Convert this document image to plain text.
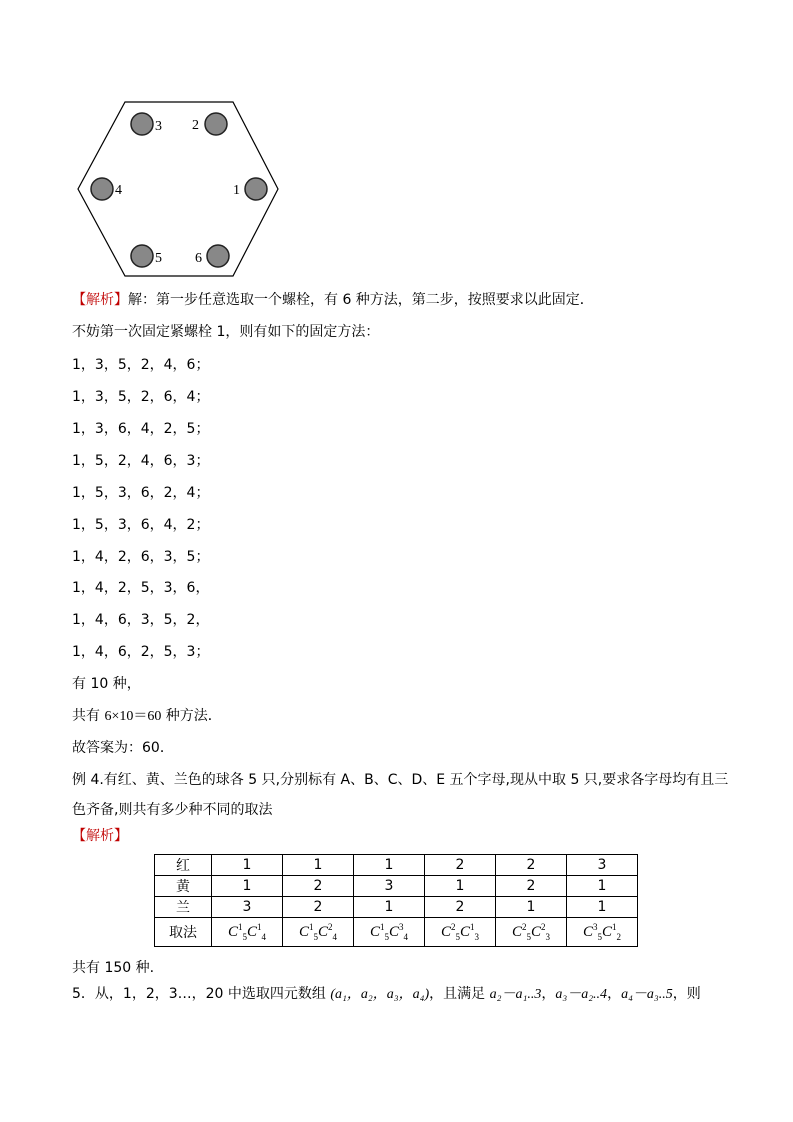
3 2
4	1
5 6
【解析】解：第一步任意选取一个螺栓，有 6 种方法，第二步，按照要求以此固定．
不妨第一次固定紧螺栓 1，则有如下的固定方法：
1，3，5，2，4，6；
1，3，5，2，6，4；
1，3，6，4，2，5；
1，5，2，4，6，3；
1，5，3，6，2，4；
1，5，3，6，4，2；
1，4，2，6，3，5；
1，4，2，5，3，6，
1，4，6，3，5，2，
1，4，6，2，5，3；
有 10 种，
共有 6×10＝60 种方法．
故答案为：60．
例 4.有红、黄、兰色的球各 5 只,分别标有 A、B、C、D、E 五个字母,现从中取 5 只,要求各字母均有且三
色齐备,则共有多少种不同的取法
【解析】
红	1	1	1	2	2	3
黄	1	2	3	1	2	1
兰	3	2	1	2	1	1
取法	$C^1_5C^1_4$	$C^1_5C^2_4$	$C^1_5C^3_4$	$C^2_5C^1_3$	$C^2_5C^2_3$	$C^3_5C^1_2$
共有 150 种.
5．从，1，2，3…，20 中选取四元数组 (a₁，a₂，a₃，a₄)，且满足 a₂－a₁..3，a₃－a₂..4，a₄－a₃..5，则
